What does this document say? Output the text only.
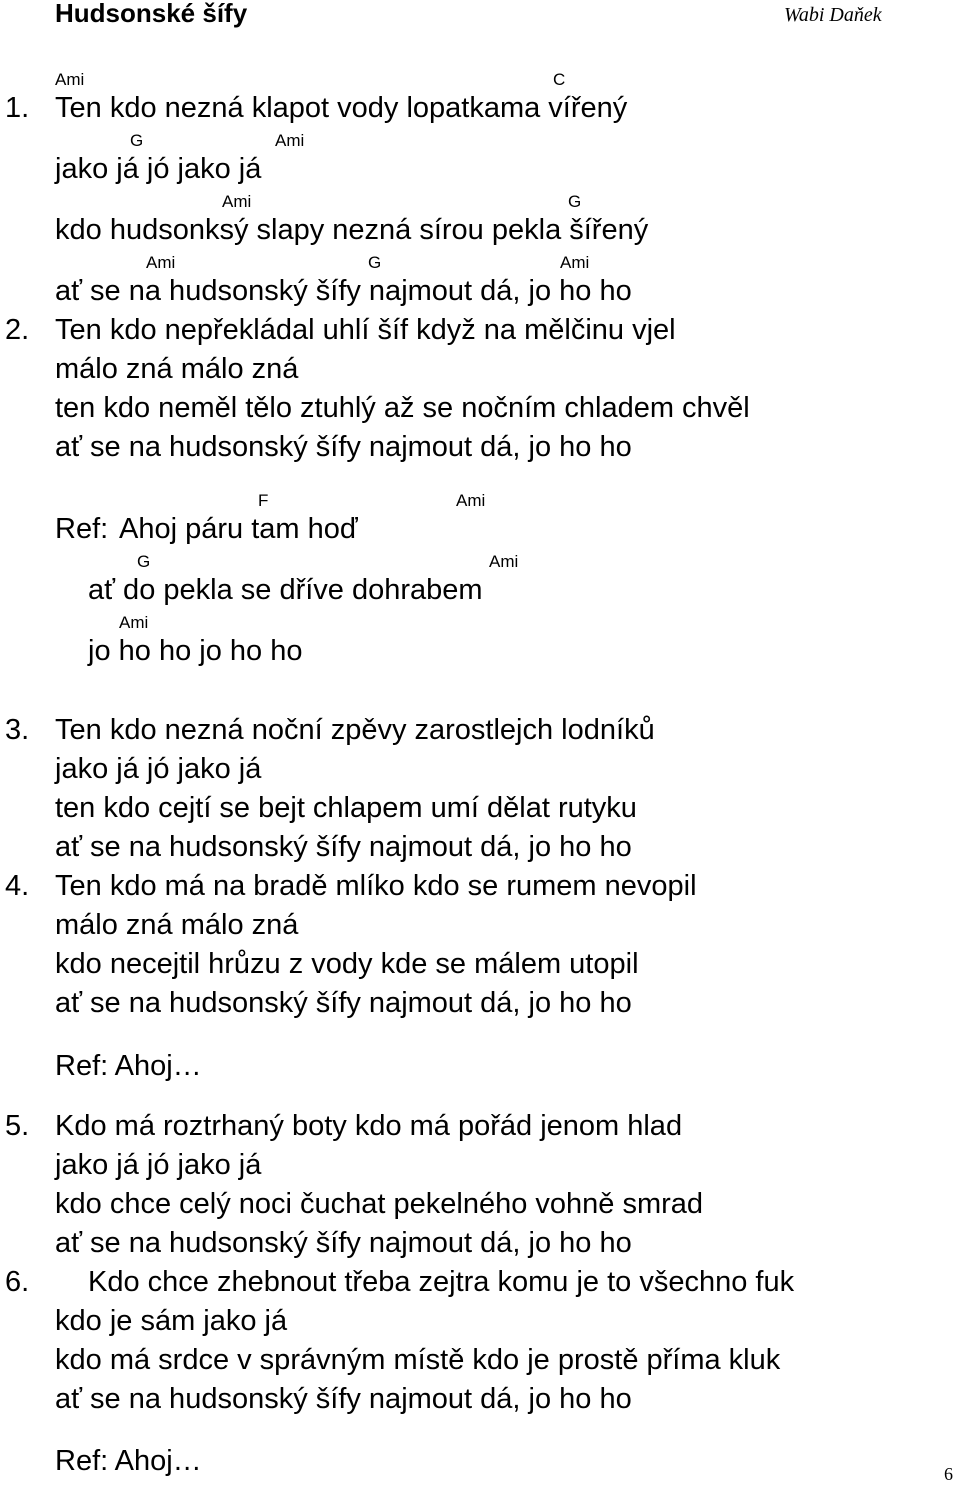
Hudsonské šífy	Wabi Daňek
Ami	C
1. Ten kdo nezná klapot vody lopatkama vířený
G	Ami
jako já jó jako já
Ami	G
kdo hudsonksý slapy nezná sírou pekla šířený
Ami	G	Ami
ať se na hudsonský šífy najmout dá, jo ho ho
2. Ten kdo nepřekládal uhlí šíf když na mělčinu vjel
málo zná málo zná
ten kdo neměl tělo ztuhlý až se nočním chladem chvěl
ať se na hudsonský šífy najmout dá, jo ho ho
F	Ami
Ref: Ahoj páru tam hoď
G	Ami
ať do pekla se dříve dohrabem
Ami
jo ho ho jo ho ho
3. Ten kdo nezná noční zpěvy zarostlejch lodníků
jako já jó jako já
ten kdo cejtí se bejt chlapem umí dělat rutyku
ať se na hudsonský šífy najmout dá, jo ho ho
4. Ten kdo má na bradě mlíko kdo se rumem nevopil
málo zná málo zná
kdo necejtil hrůzu z vody kde se málem utopil
ať se na hudsonský šífy najmout dá, jo ho ho
Ref: Ahoj…
5. Kdo má roztrhaný boty kdo má pořád jenom hlad
jako já jó jako já
kdo chce celý noci čuchat pekelného vohně smrad
ať se na hudsonský šífy najmout dá, jo ho ho
6. Kdo chce zhebnout třeba zejtra komu je to všechno fuk
kdo je sám jako já
kdo má srdce v správným místě kdo je prostě příma kluk
ať se na hudsonský šífy najmout dá, jo ho ho
Ref: Ahoj…	6
